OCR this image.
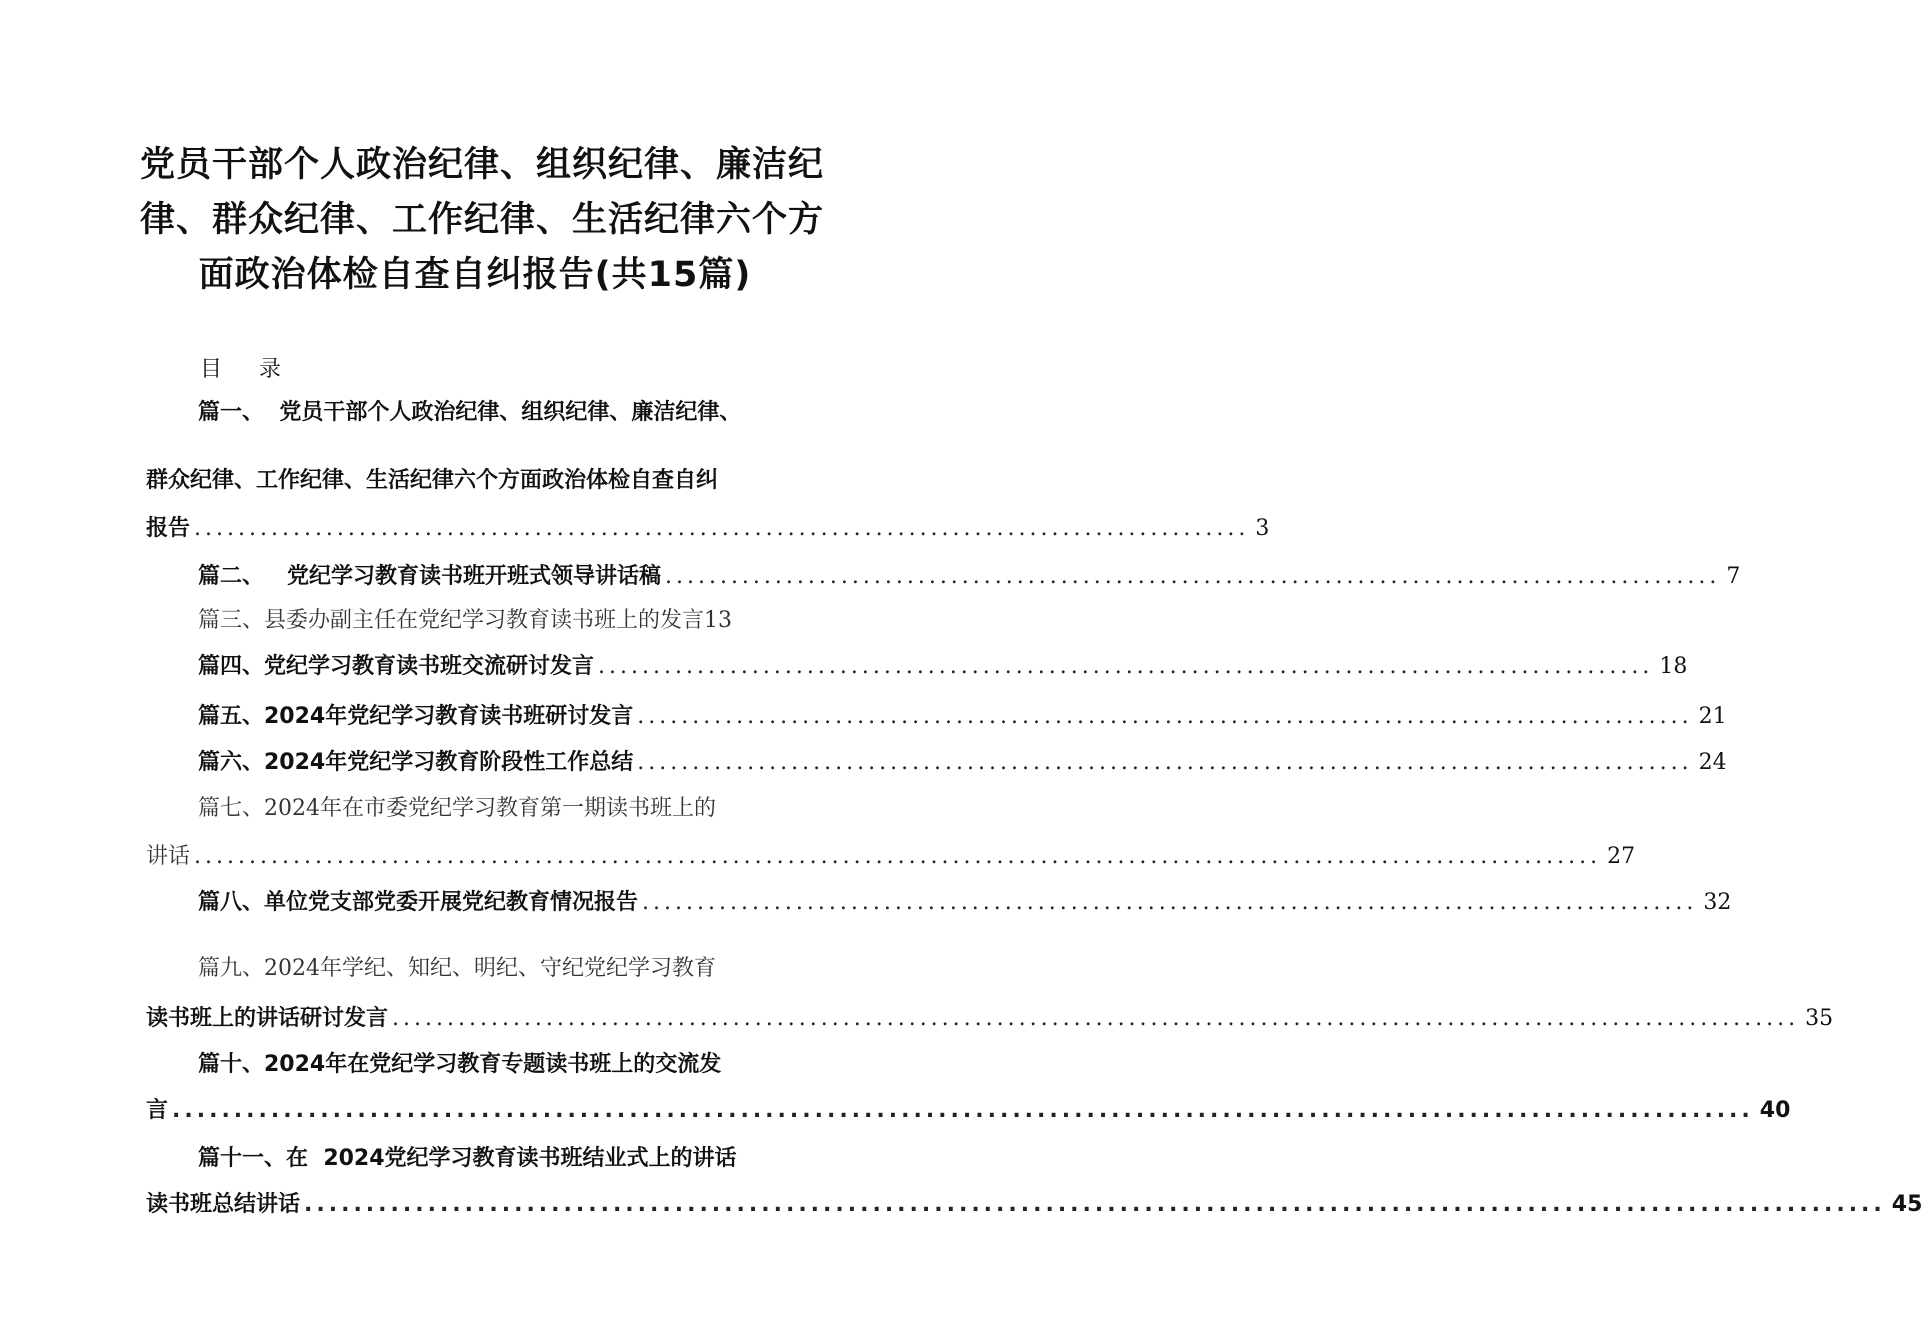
党员干部个人政治纪律、组织纪律、廉洁纪
律、群众纪律、工作纪律、生活纪律六个方
面政治体检自查自纠报告(共15篇)
目 录
篇一、  党员干部个人政治纪律、组织纪律、廉洁纪律、
群众纪律、工作纪律、生活纪律六个方面政治体检自查自纠
报告 ................................................................................................ 3
篇二、   党纪学习教育读书班开班式领导讲话稿 ................................................................................................ 7
篇三、县委办副主任在党纪学习教育读书班上的发言 13
篇四、党纪学习教育读书班交流研讨发言 ................................................................................................ 18
篇五、2024年党纪学习教育读书班研讨发言 ................................................................................................ 21
篇六、2024年党纪学习教育阶段性工作总结 ................................................................................................ 24
篇七、2024年在市委党纪学习教育第一期读书班上的
讲话 ................................................................................................................................ 27
篇八、单位党支部党委开展党纪教育情况报告 ................................................................................................ 32
篇九、2024年学纪、知纪、明纪、守纪党纪学习教育
读书班上的讲话研讨发言 ................................................................................................................................ 35
篇十、2024年在党纪学习教育专题读书班上的交流发
言 ................................................................................................................................ 40
篇十一、在  2024党纪学习教育读书班结业式上的讲话
读书班总结讲话 ................................................................................................................................ 45
